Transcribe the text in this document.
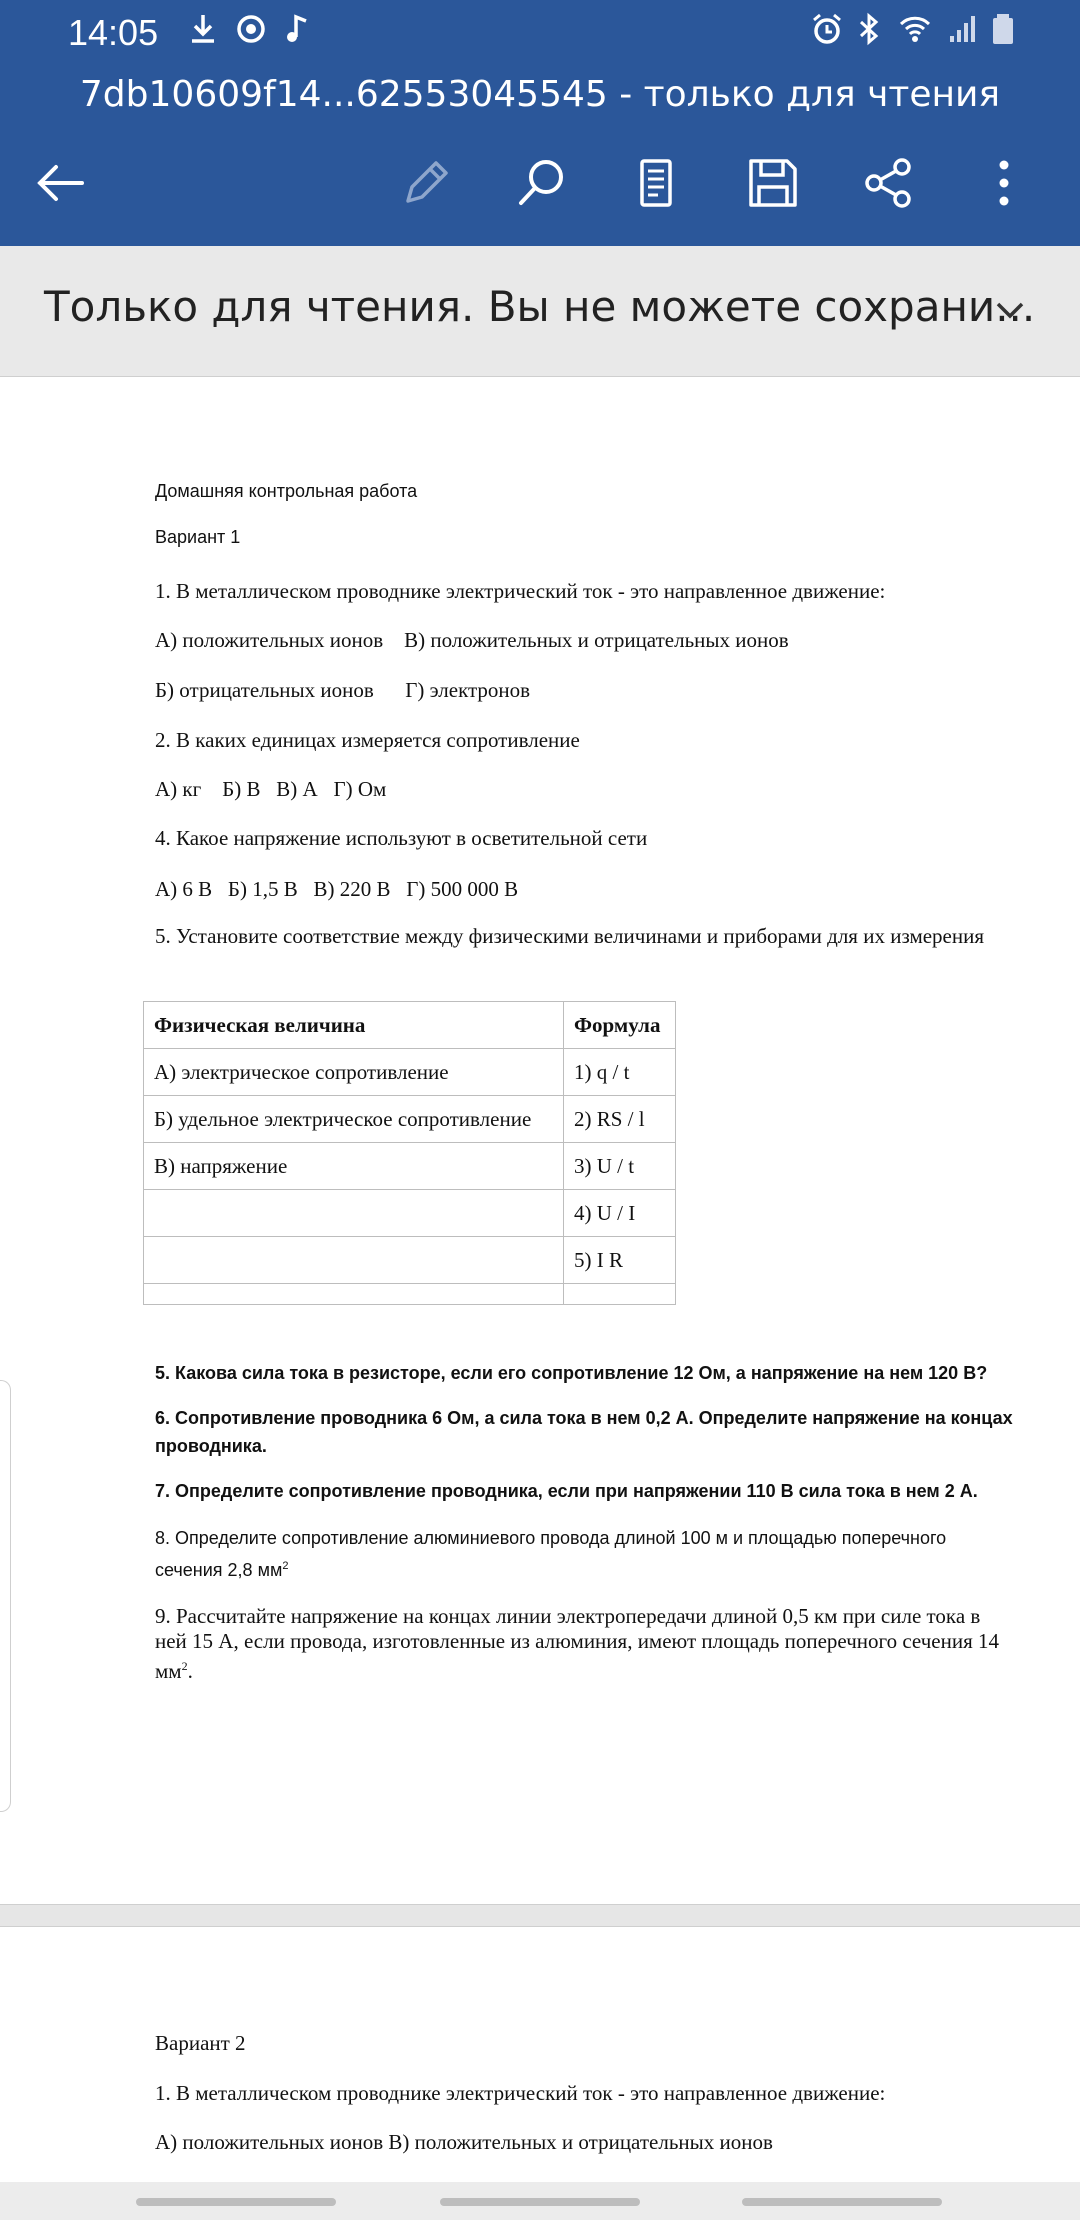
14:05
7db10609f14...62553045545 - только для чтения
Только для чтения. Вы не можете сохрани...
Домашняя контрольная работа
Вариант 1
1. В металлическом проводнике электрический ток - это направленное движение:
А) положительных ионов    В) положительных и отрицательных ионов
Б) отрицательных ионов      Г) электронов
2. В каких единицах измеряется сопротивление
А) кг    Б) В   В) А   Г) Ом
4. Какое напряжение используют в осветительной сети
А) 6 В   Б) 1,5 В   В) 220 В   Г) 500 000 В
5. Установите соответствие между физическими величинами и приборами для их измерения
Физическая величина	Формула
А) электрическое сопротивление	1) q / t
Б) удельное электрическое сопротивление	2) RS / l
В) напряжение	3) U / t
	4) U / I
	5) I R

5. Какова сила тока в резисторе, если его сопротивление 12 Ом, а напряжение на нем 120 В?
6. Сопротивление проводника 6 Ом, а сила тока в нем 0,2 А. Определите напряжение на концах проводника.
7. Определите сопротивление проводника, если при напряжении 110 В сила тока в нем 2 А.
8. Определите сопротивление алюминиевого провода длиной 100 м и площадью поперечного сечения 2,8 $мм^2$
9. Рассчитайте напряжение на концах линии электропередачи длиной 0,5 км при силе тока в ней 15 А, если провода, изготовленные из алюминия, имеют площадь поперечного сечения 14 $мм^2$.
Вариант 2
1. В металлическом проводнике электрический ток - это направленное движение:
А) положительных ионов В) положительных и отрицательных ионов
